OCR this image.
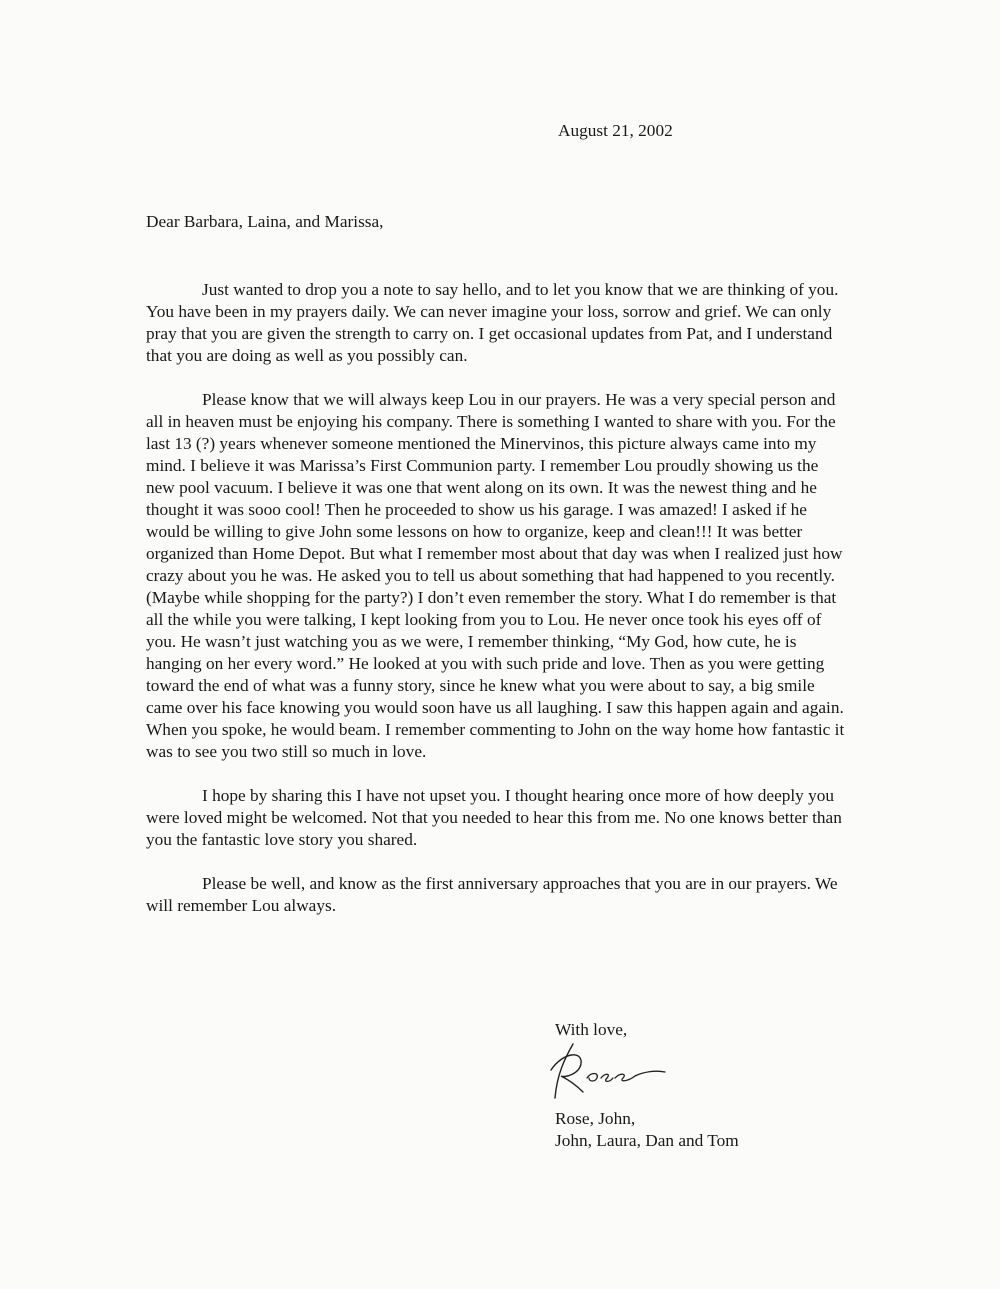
August 21, 2002

Dear Barbara, Laina, and Marissa,

Just wanted to drop you a note to say hello, and to let you know that we are thinking of you. You have been in my prayers daily. We can never imagine your loss, sorrow and grief. We can only pray that you are given the strength to carry on. I get occasional updates from Pat, and I understand that you are doing as well as you possibly can.

Please know that we will always keep Lou in our prayers. He was a very special person and all in heaven must be enjoying his company. There is something I wanted to share with you. For the last 13 (?) years whenever someone mentioned the Minervinos, this picture always came into my mind. I believe it was Marissa’s First Communion party. I remember Lou proudly showing us the new pool vacuum. I believe it was one that went along on its own. It was the newest thing and he thought it was sooo cool! Then he proceeded to show us his garage. I was amazed! I asked if he would be willing to give John some lessons on how to organize, keep and clean!!! It was better organized than Home Depot. But what I remember most about that day was when I realized just how crazy about you he was. He asked you to tell us about something that had happened to you recently. (Maybe while shopping for the party?) I don’t even remember the story. What I do remember is that all the while you were talking, I kept looking from you to Lou. He never once took his eyes off of you. He wasn’t just watching you as we were, I remember thinking, “My God, how cute, he is hanging on her every word.” He looked at you with such pride and love. Then as you were getting toward the end of what was a funny story, since he knew what you were about to say, a big smile came over his face knowing you would soon have us all laughing. I saw this happen again and again. When you spoke, he would beam. I remember commenting to John on the way home how fantastic it was to see you two still so much in love.

I hope by sharing this I have not upset you. I thought hearing once more of how deeply you were loved might be welcomed. Not that you needed to hear this from me. No one knows better than you the fantastic love story you shared.

Please be well, and know as the first anniversary approaches that you are in our prayers. We will remember Lou always.

With love,

Rose, John,
John, Laura, Dan and Tom
